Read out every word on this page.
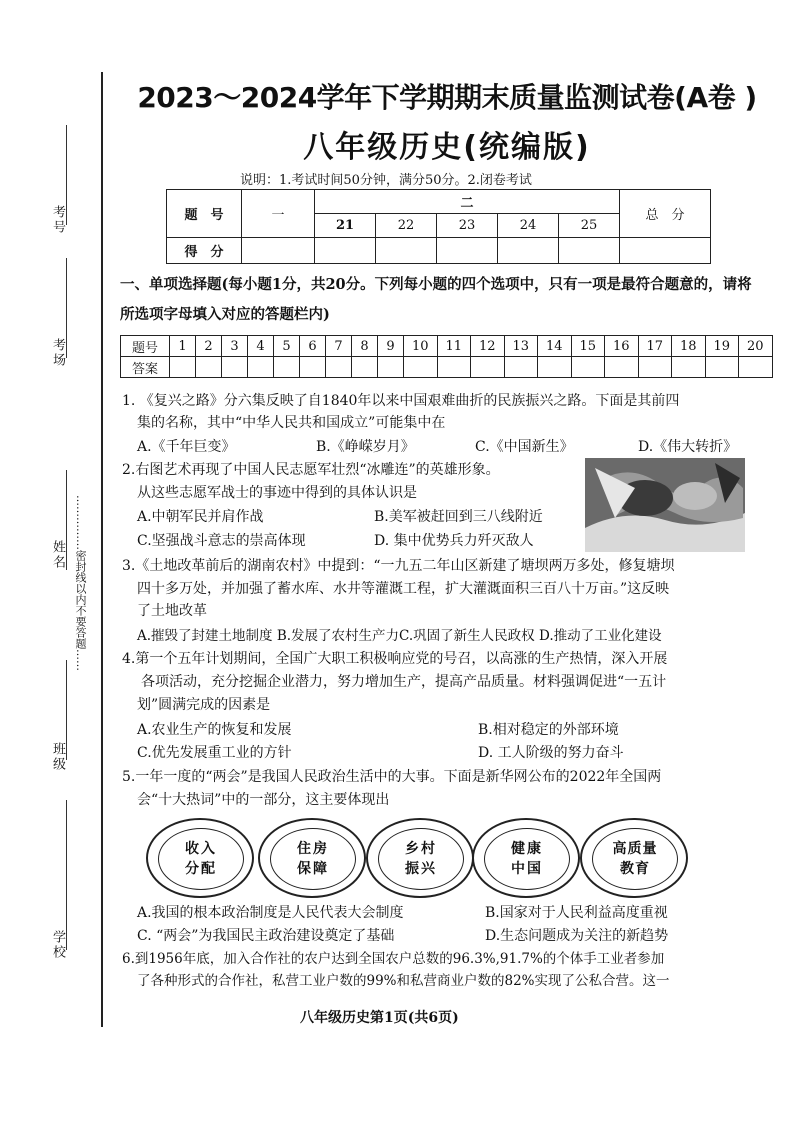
考号
考场
姓名 ……………密封线以内不要答题……
班级
学校
2023～2024学年下学期期末质量监测试卷(A卷 )
八年级历史(统编版)
说明：1.考试时间50分钟，满分50分。2.闭卷考试
题　号	一	二					总　分
		21	22	23	24	25	
得　分							
一、单项选择题(每小题1分，共20分。下列每小题的四个选项中，只有一项是最符合题意的，请将所选项字母填入对应的答题栏内)
题号	1	2	3	4	5	6	7	8	9	10	11	12	13	14	15	16	17	18	19	20
答案																				
1. 《复兴之路》分六集反映了自1840年以来中国艰难曲折的民族振兴之路。下面是其前四
集的名称，其中“中华人民共和国成立”可能集中在
A.《千年巨变》	B.《峥嵘岁月》	C.《中国新生》	D.《伟大转折》
2.右图艺术再现了中国人民志愿军壮烈“冰雕连”的英雄形象。
从这些志愿军战士的事迹中得到的具体认识是
A.中朝军民并肩作战	B.美军被赶回到三八线附近
C.坚强战斗意志的崇高体现	D. 集中优势兵力歼灭敌人
3.《土地改革前后的湖南农村》中提到：“一九五二年山区新建了塘坝两万多处，修复塘坝
四十多万处，并加强了蓄水库、水井等灌溉工程，扩大灌溉面积三百八十万亩。”这反映
了土地改革
A.摧毁了封建土地制度 B.发展了农村生产力C.巩固了新生人民政权 D.推动了工业化建设
4.第一个五年计划期间，全国广大职工积极响应党的号召，以高涨的生产热情，深入开展
各项活动，充分挖掘企业潜力，努力增加生产，提高产品质量。材料强调促进“一五计
划”圆满完成的因素是
A.农业生产的恢复和发展	B.相对稳定的外部环境
C.优先发展重工业的方针	D. 工人阶级的努力奋斗
5.一年一度的“两会”是我国人民政治生活中的大事。下面是新华网公布的2022年全国两
会“十大热词”中的一部分，这主要体现出
收入
分配
住房
保障
乡村
振兴
健康
中国
高质量
教育
A.我国的根本政治制度是人民代表大会制度	B.国家对于人民利益高度重视
C. “两会”为我国民主政治建设奠定了基础	D.生态问题成为关注的新趋势
6.到1956年底，加入合作社的农户达到全国农户总数的96.3%,91.7%的个体手工业者参加
了各种形式的合作社，私营工业户数的99%和私营商业户数的82%实现了公私合营。这一
八年级历史第1页(共6页)
